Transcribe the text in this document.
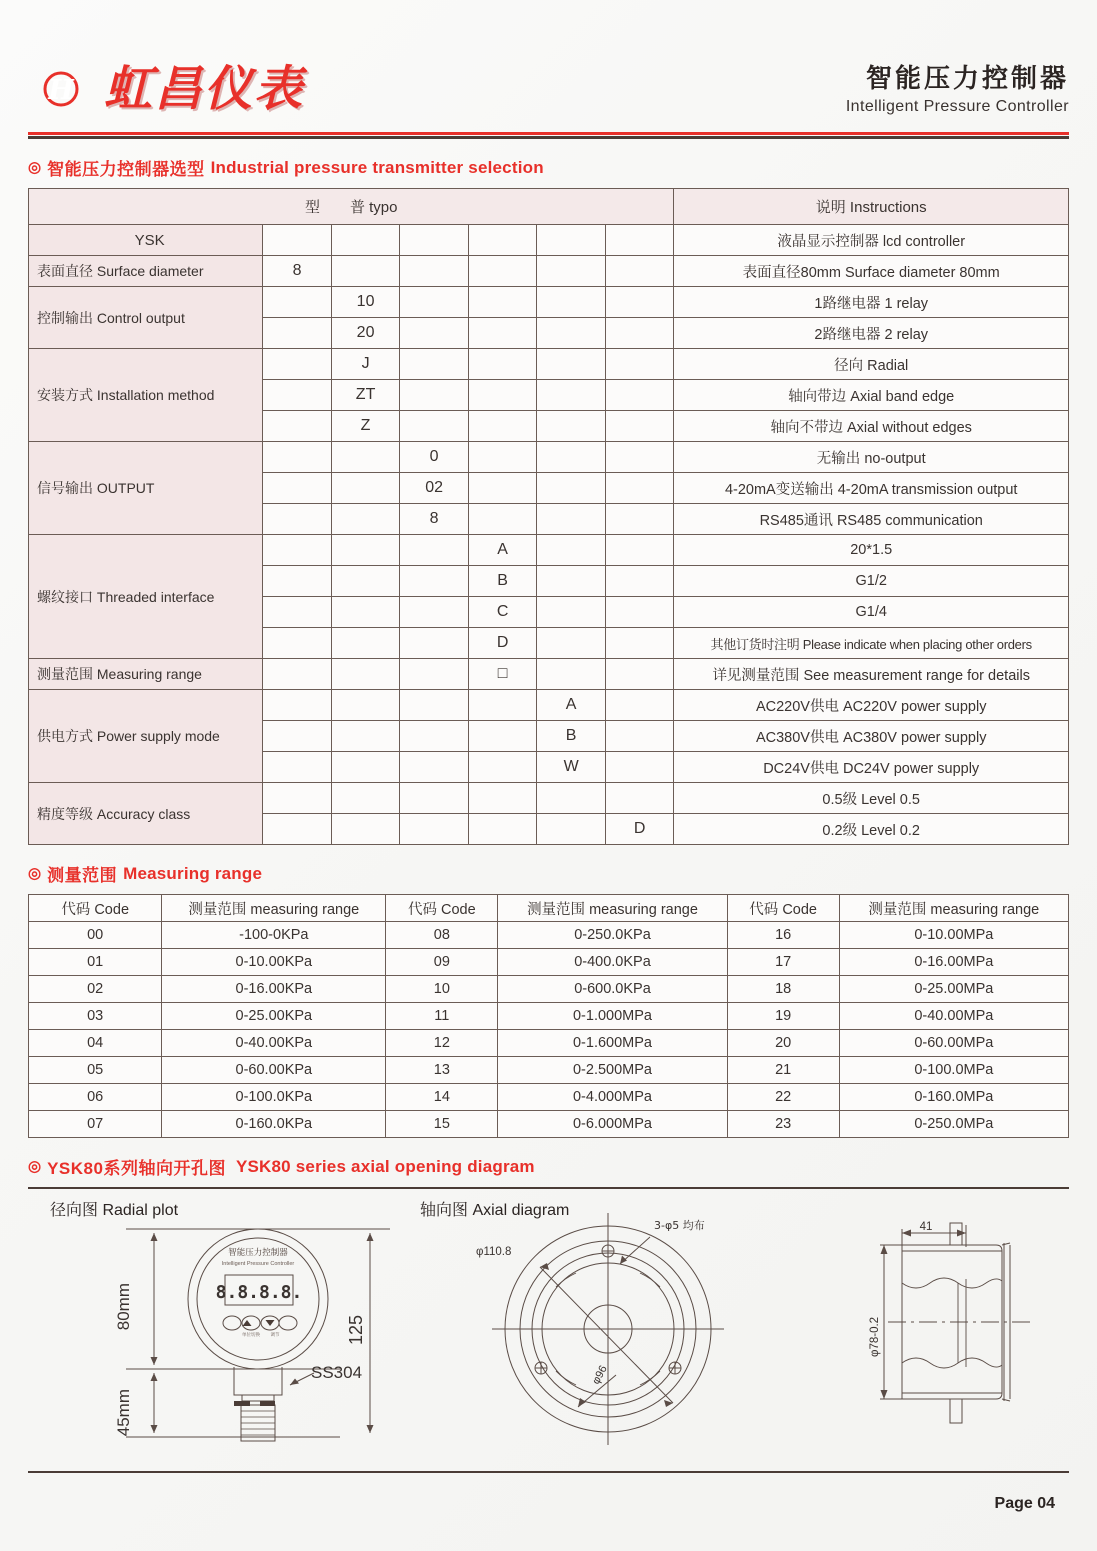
H 虹昌仪表	智能压力控制器
Intelligent Pressure Controller
◎ 智能压力控制器选型 Industrial pressure transmitter selection
型　　普 typo							说明 Instructions
YSK							液晶显示控制器 lcd controller
表面直径 Surface diameter	8						表面直径80mm Surface diameter 80mm
控制输出 Control output		10					1路继电器 1 relay
		20					2路继电器 2 relay
安装方式 Installation method		J					径向 Radial
		ZT					轴向带边 Axial band edge
		Z					轴向不带边 Axial without edges
信号输出 OUTPUT			0				无输出 no-output
			02				4-20mA变送输出 4-20mA transmission output
			8				RS485通讯 RS485 communication
螺纹接口 Threaded interface				A			20*1.5
				B			G1/2
				C			G1/4
				D			其他订货时注明 Please indicate when placing other orders
测量范围 Measuring range				□			详见测量范围 See measurement range for details
供电方式 Power supply mode					A		AC220V供电 AC220V power supply
					B		AC380V供电 AC380V power supply
					W		DC24V供电 DC24V power supply
精度等级 Accuracy class							0.5级 Level 0.5
						D	0.2级 Level 0.2
◎ 测量范围 Measuring range
代码 Code	测量范围 measuring range	代码 Code	测量范围 measuring range	代码 Code	测量范围 measuring range
00	-100-0KPa	08	0-250.0KPa	16	0-10.00MPa
01	0-10.00KPa	09	0-400.0KPa	17	0-16.00MPa
02	0-16.00KPa	10	0-600.0KPa	18	0-25.00MPa
03	0-25.00KPa	11	0-1.000MPa	19	0-40.00MPa
04	0-40.00KPa	12	0-1.600MPa	20	0-60.00MPa
05	0-60.00KPa	13	0-2.500MPa	21	0-100.0MPa
06	0-100.0KPa	14	0-4.000MPa	22	0-160.0MPa
07	0-160.0KPa	15	0-6.000MPa	23	0-250.0MPa
◎ YSK80系列轴向开孔图 YSK80 series axial opening diagram
径向图 Radial plot
智能压力控制器
Intelligent Pressure Controller
8.8.8.8.
单位切换 调节
80mm
45mm
125
SS304
轴向图 Axial diagram
φ110.8
3-φ5 均布
φ96
41
φ78-0.2
Page 04
